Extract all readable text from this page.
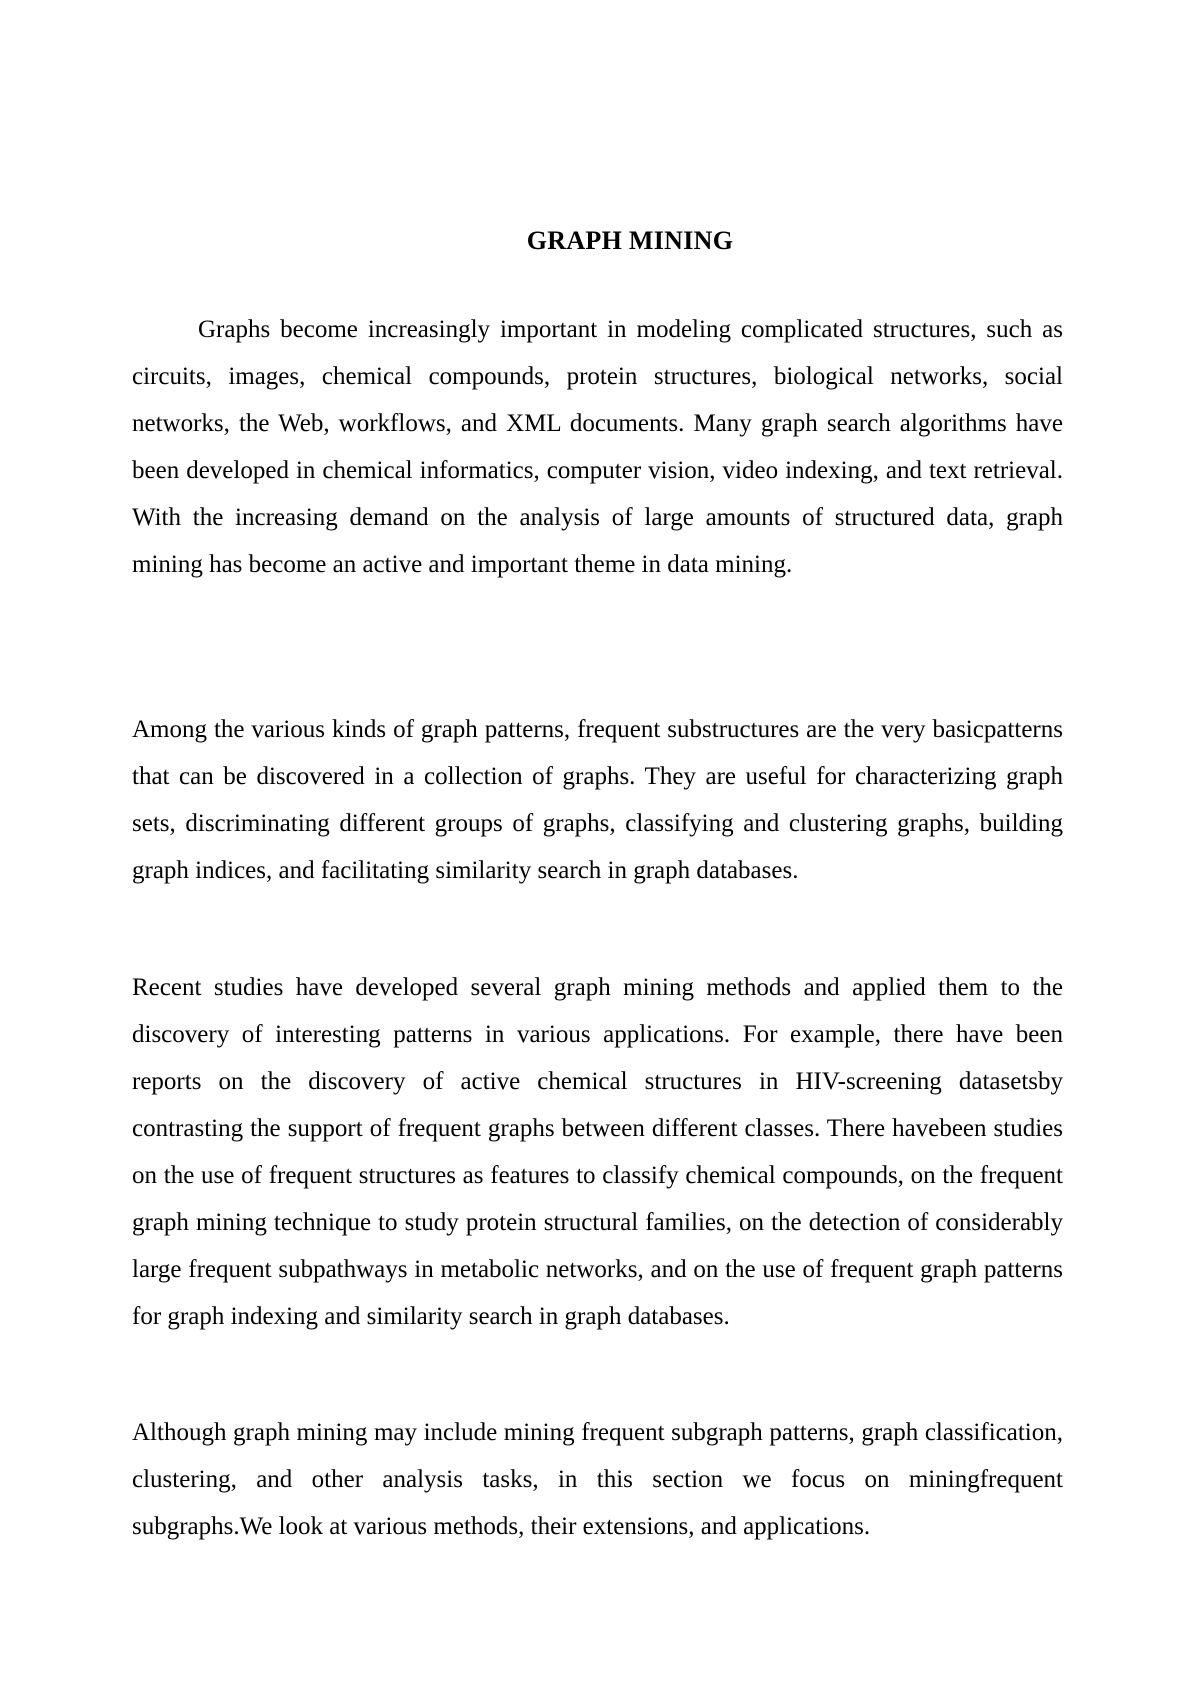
GRAPH MINING

Graphs become increasingly important in modeling complicated structures, such as circuits, images, chemical compounds, protein structures, biological networks, social networks, the Web, workflows, and XML documents. Many graph search algorithms have been developed in chemical informatics, computer vision, video indexing, and text retrieval. With the increasing demand on the analysis of large amounts of structured data, graph mining has become an active and important theme in data mining.

Among the various kinds of graph patterns, frequent substructures are the very basicpatterns that can be discovered in a collection of graphs. They are useful for characterizing graph sets, discriminating different groups of graphs, classifying and clustering graphs, building graph indices, and facilitating similarity search in graph databases.

Recent studies have developed several graph mining methods and applied them to the discovery of interesting patterns in various applications. For example, there have been reports on the discovery of active chemical structures in HIV-screening datasetsby contrasting the support of frequent graphs between different classes. There havebeen studies on the use of frequent structures as features to classify chemical compounds, on the frequent graph mining technique to study protein structural families, on the detection of considerably large frequent subpathways in metabolic networks, and on the use of frequent graph patterns for graph indexing and similarity search in graph databases.

Although graph mining may include mining frequent subgraph patterns, graph classification, clustering, and other analysis tasks, in this section we focus on miningfrequent subgraphs.We look at various methods, their extensions, and applications.
